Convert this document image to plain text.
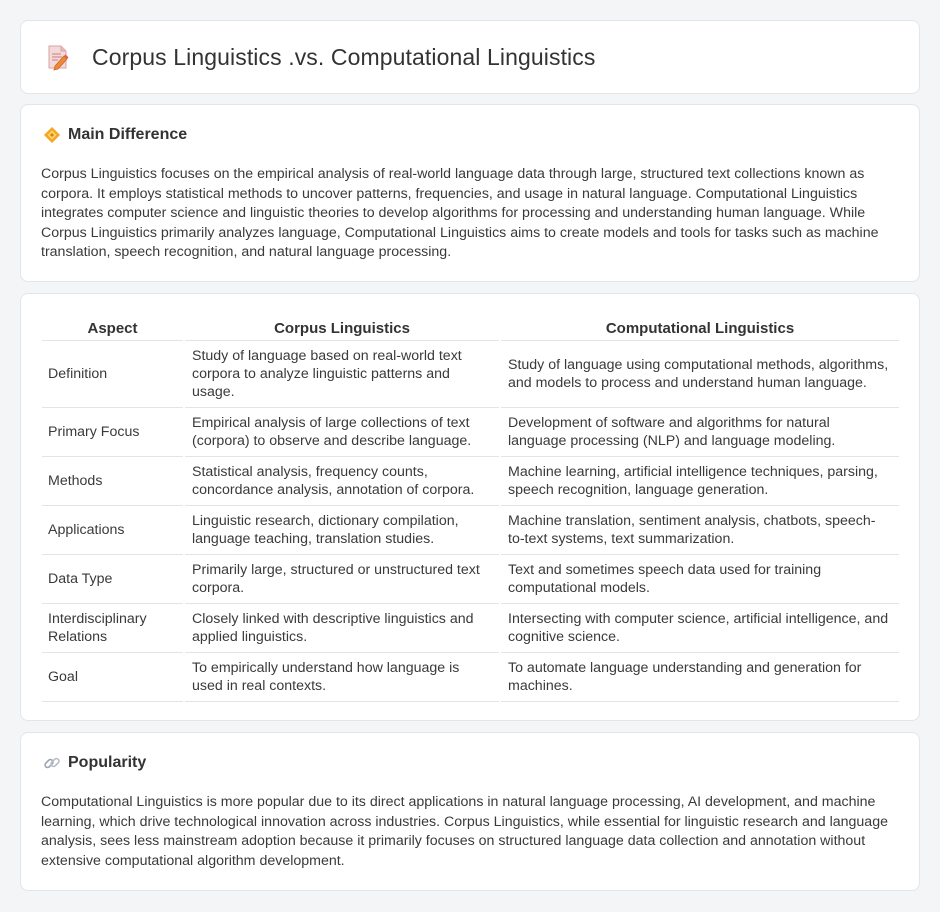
Corpus Linguistics .vs. Computational Linguistics
Main Difference

Corpus Linguistics focuses on the empirical analysis of real-world language data through large, structured text collections known as corpora. It employs statistical methods to uncover patterns, frequencies, and usage in natural language. Computational Linguistics integrates computer science and linguistic theories to develop algorithms for processing and understanding human language. While Corpus Linguistics primarily analyzes language, Computational Linguistics aims to create models and tools for tasks such as machine translation, speech recognition, and natural language processing.

Aspect	Corpus Linguistics	Computational Linguistics
Definition	Study of language based on real-world text corpora to analyze linguistic patterns and usage.	Study of language using computational methods, algorithms, and models to process and understand human language.
Primary Focus	Empirical analysis of large collections of text (corpora) to observe and describe language.	Development of software and algorithms for natural language processing (NLP) and language modeling.
Methods	Statistical analysis, frequency counts, concordance analysis, annotation of corpora.	Machine learning, artificial intelligence techniques, parsing, speech recognition, language generation.
Applications	Linguistic research, dictionary compilation, language teaching, translation studies.	Machine translation, sentiment analysis, chatbots, speech-to-text systems, text summarization.
Data Type	Primarily large, structured or unstructured text corpora.	Text and sometimes speech data used for training computational models.
Interdisciplinary Relations	Closely linked with descriptive linguistics and applied linguistics.	Intersecting with computer science, artificial intelligence, and cognitive science.
Goal	To empirically understand how language is used in real contexts.	To automate language understanding and generation for machines.
Popularity

Computational Linguistics is more popular due to its direct applications in natural language processing, AI development, and machine learning, which drive technological innovation across industries. Corpus Linguistics, while essential for linguistic research and language analysis, sees less mainstream adoption because it primarily focuses on structured language data collection and annotation without extensive computational algorithm development.
